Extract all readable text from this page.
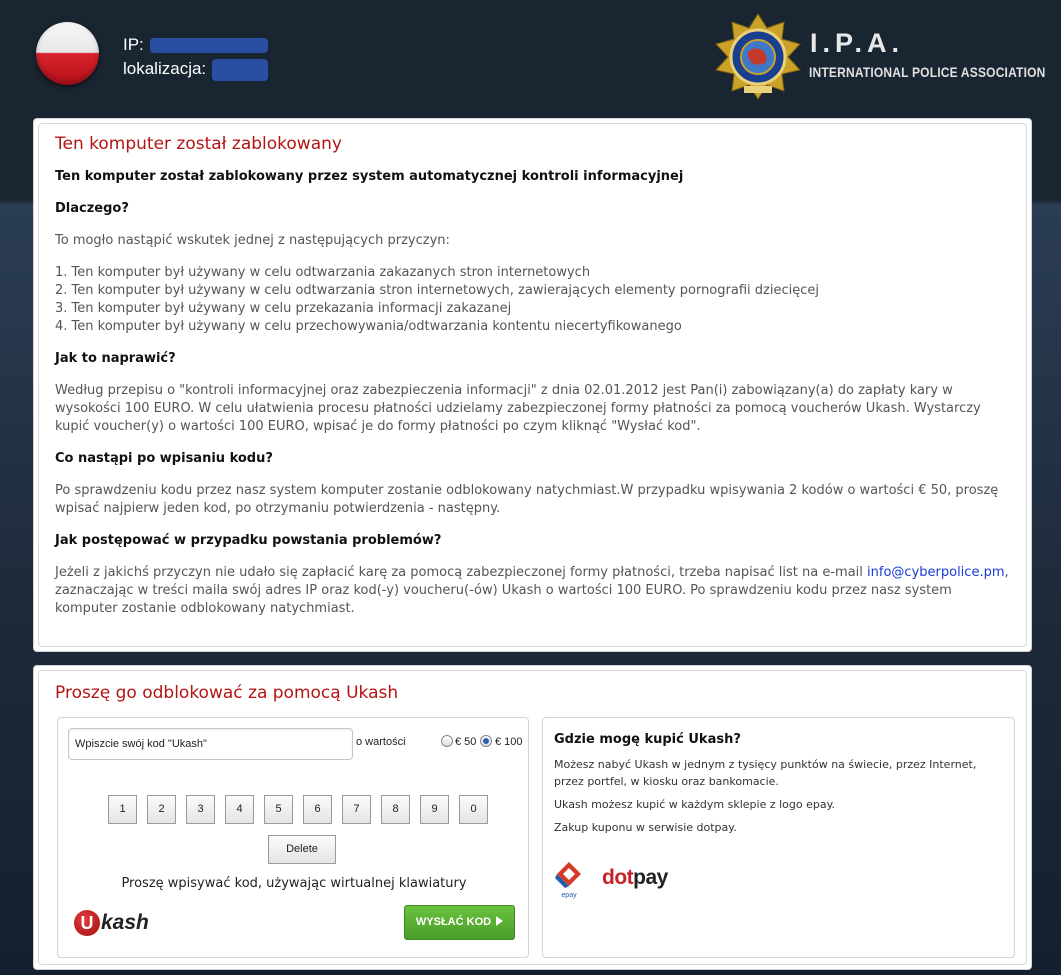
IP:
lokalizacja:
I.P.A.
INTERNATIONAL POLICE ASSOCIATION
Ten komputer został zablokowany

Ten komputer został zablokowany przez system automatycznej kontroli informacyjnej

Dlaczego?

To mogło nastąpić wskutek jednej z następujących przyczyn:

1. Ten komputer był używany w celu odtwarzania zakazanych stron internetowych
2. Ten komputer był używany w celu odtwarzania stron internetowych, zawierających elementy pornografii dziecięcej
3. Ten komputer był używany w celu przekazania informacji zakazanej
4. Ten komputer był używany w celu przechowywania/odtwarzania kontentu niecertyfikowanego

Jak to naprawić?

Według przepisu o "kontroli informacyjnej oraz zabezpieczenia informacji" z dnia 02.01.2012 jest Pan(i) zabowiązany(a) do zapłaty kary w wysokości 100 EURO. W celu ułatwienia procesu płatności udzielamy zabezpieczonej formy płatności za pomocą voucherów Ukash. Wystarczy kupić voucher(y) o wartości 100 EURO, wpisać je do formy płatności po czym kliknąć "Wysłać kod".

Co nastąpi po wpisaniu kodu?

Po sprawdzeniu kodu przez nasz system komputer zostanie odblokowany natychmiast.W przypadku wpisywania 2 kodów o wartości € 50, proszę wpisać najpierw jeden kod, po otrzymaniu potwierdzenia - następny.

Jak postępować w przypadku powstania problemów?

Jeżeli z jakichś przyczyn nie udało się zapłacić karę za pomocą zabezpieczonej formy płatności, trzeba napisać list na e-mail info@cyberpolice.pm, zaznaczając w treści maila swój adres IP oraz kod(-y) voucheru(-ów) Ukash o wartości 100 EURO. Po sprawdzeniu kodu przez nasz system komputer zostanie odblokowany natychmiast.

Proszę go odblokować za pomocą Ukash
Wpiszcie swój kod "Ukash"
o wartości	€ 50 € 100
1	2	3	4	5	6	7	8	9	0
Delete
Proszę wpisywać kod, używając wirtualnej klawiatury
U kash	WYSŁAĆ KOD
Gdzie mogę kupić Ukash?

Możesz nabyć Ukash w jednym z tysięcy punktów na świecie, przez Internet, przez portfel, w kiosku oraz bankomacie.

Ukash możesz kupić w każdym sklepie z logo epay.

Zakup kuponu w serwisie dotpay.

epay
dotpay
